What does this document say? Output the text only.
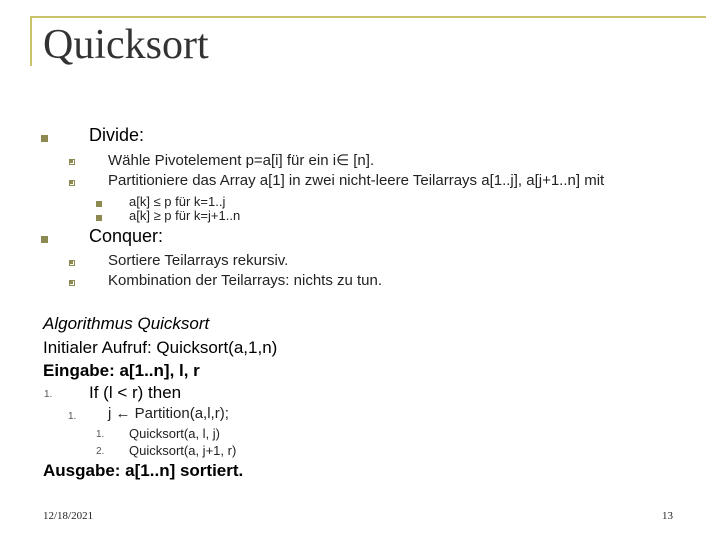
Quicksort
Divide:
Wähle Pivotelement p=a[i] für ein i∈ [n].
Partitioniere das Array a[1] in zwei nicht-leere Teilarrays a[1..j], a[j+1..n] mit
a[k] ≤ p für k=1..j
a[k] ≥ p für k=j+1..n
Conquer:
Sortiere Teilarrays rekursiv.
Kombination der Teilarrays: nichts zu tun.
Algorithmus Quicksort
Initialer Aufruf: Quicksort(a,1,n)
Eingabe: a[1..n], l, r
1. If (l < r) then
1. j ← Partition(a,l,r);
1. Quicksort(a, l, j)
2. Quicksort(a, j+1, r)
Ausgabe: a[1..n] sortiert.
12/18/2021	13
